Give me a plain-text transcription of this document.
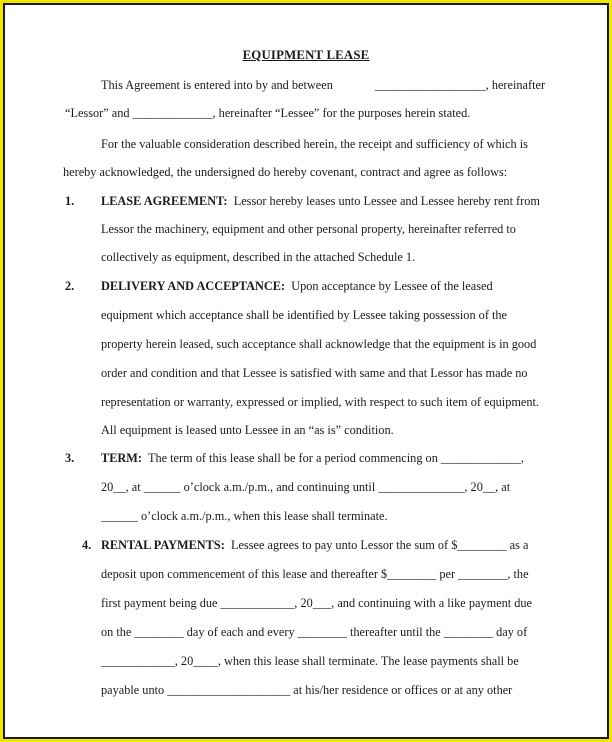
EQUIPMENT LEASE
This Agreement is entered into by and between	__________________, hereinafter
“Lessor” and _____________, hereinafter “Lessee” for the purposes herein stated.
For the valuable consideration described herein, the receipt and sufficiency of which is
hereby acknowledged, the undersigned do hereby covenant, contract and agree as follows:
1. LEASE AGREEMENT: Lessor hereby leases unto Lessee and Lessee hereby rent from
Lessor the machinery, equipment and other personal property, hereinafter referred to
collectively as equipment, described in the attached Schedule 1.
2. DELIVERY AND ACCEPTANCE: Upon acceptance by Lessee of the leased
equipment which acceptance shall be identified by Lessee taking possession of the
property herein leased, such acceptance shall acknowledge that the equipment is in good
order and condition and that Lessee is satisfied with same and that Lessor has made no
representation or warranty, expressed or implied, with respect to such item of equipment.
All equipment is leased unto Lessee in an “as is” condition.
3. TERM: The term of this lease shall be for a period commencing on _____________,
20__, at ______ o’clock a.m./p.m., and continuing until ______________, 20__, at
______ o’clock a.m./p.m., when this lease shall terminate.
4. RENTAL PAYMENTS: Lessee agrees to pay unto Lessor the sum of $________ as a
deposit upon commencement of this lease and thereafter $________ per ________, the
first payment being due ____________, 20___, and continuing with a like payment due
on the ________ day of each and every ________ thereafter until the ________ day of
____________, 20____, when this lease shall terminate. The lease payments shall be
payable unto ____________________ at his/her residence or offices or at any other
